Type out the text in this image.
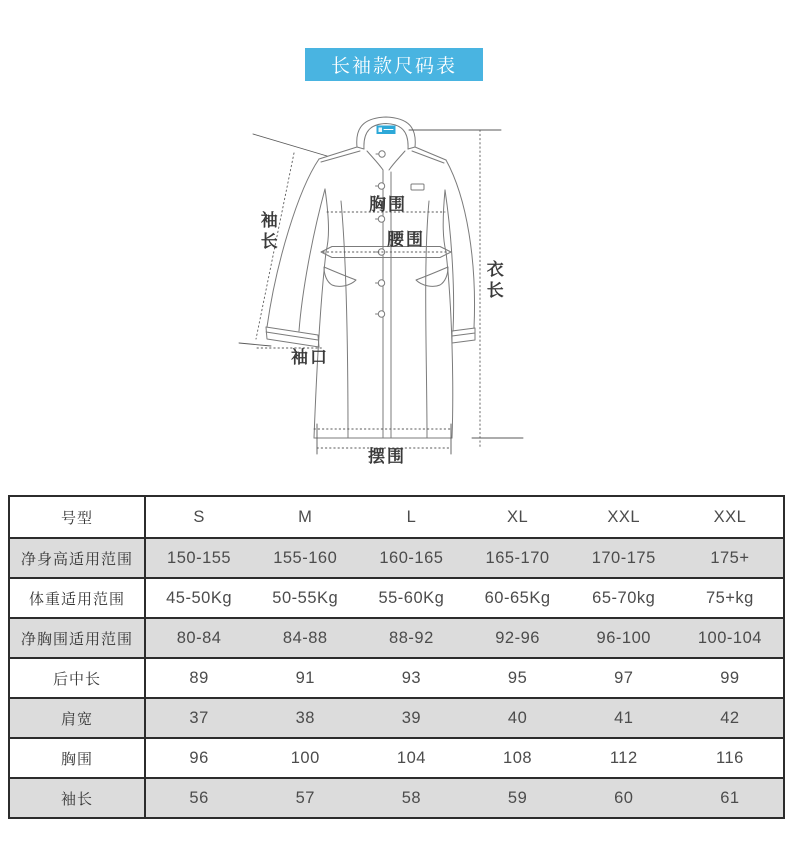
长袖款尺码表
袖长
胸围
腰围
衣长
袖口
摆围
号型	S	M	L	XL	XXL	XXL
净身高适用范围	150-155	155-160	160-165	165-170	170-175	175+
体重适用范围	45-50Kg	50-55Kg	55-60Kg	60-65Kg	65-70kg	75+kg
净胸围适用范围	80-84	84-88	88-92	92-96	96-100	100-104
后中长	89	91	93	95	97	99
肩宽	37	38	39	40	41	42
胸围	96	100	104	108	112	116
袖长	56	57	58	59	60	61
